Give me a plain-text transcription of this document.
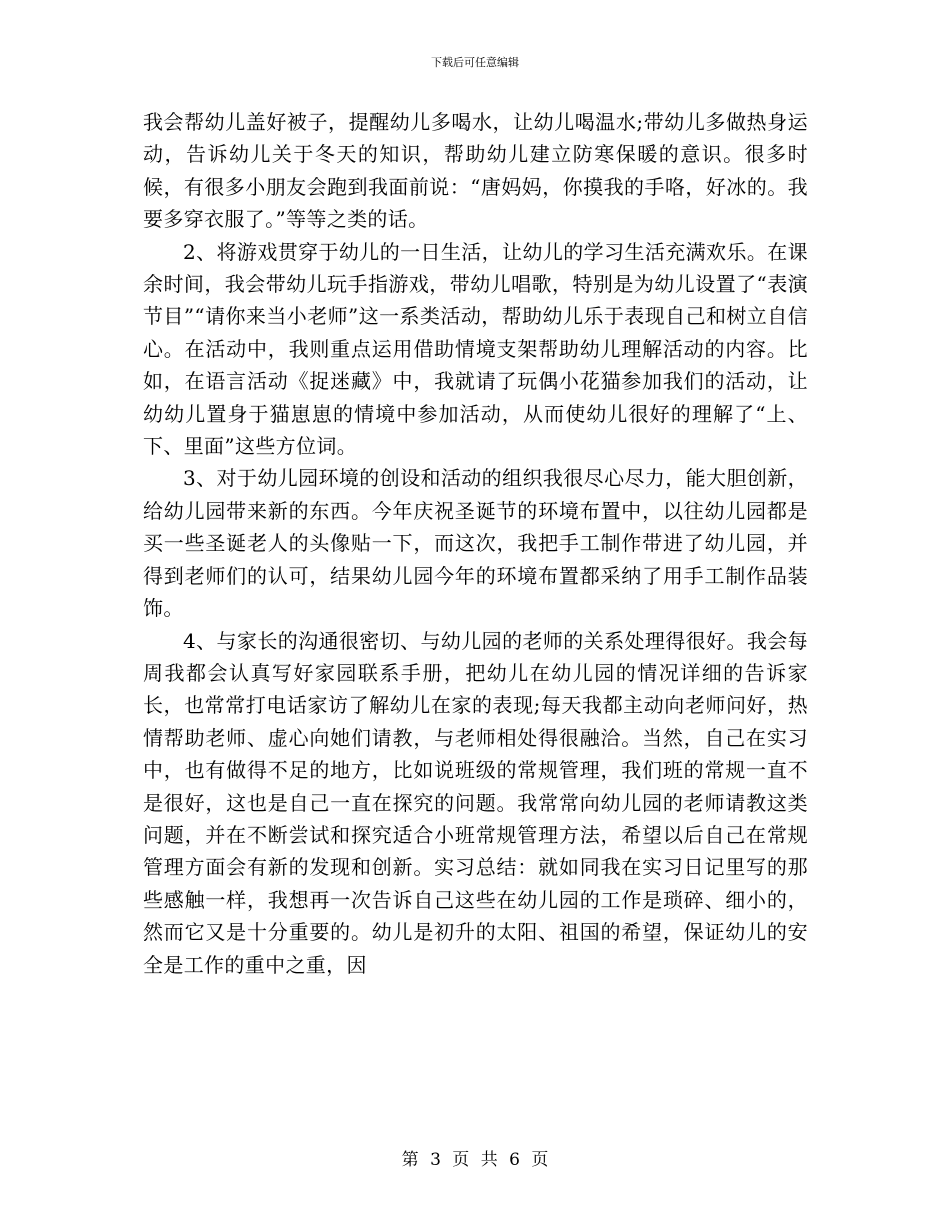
下载后可任意编辑

我会帮幼儿盖好被子，提醒幼儿多喝水，让幼儿喝温水;带幼儿多做热身运动，告诉幼儿关于冬天的知识，帮助幼儿建立防寒保暖的意识。很多时候，有很多小朋友会跑到我面前说：“唐妈妈，你摸我的手咯，好冰的。我要多穿衣服了。”等等之类的话。

2、将游戏贯穿于幼儿的一日生活，让幼儿的学习生活充满欢乐。在课余时间，我会带幼儿玩手指游戏，带幼儿唱歌，特别是为幼儿设置了“表演节目”“请你来当小老师”这一系类活动，帮助幼儿乐于表现自己和树立自信心。在活动中，我则重点运用借助情境支架帮助幼儿理解活动的内容。比如，在语言活动《捉迷藏》中，我就请了玩偶小花猫参加我们的活动，让幼幼儿置身于猫崽崽的情境中参加活动，从而使幼儿很好的理解了“上、下、里面”这些方位词。

3、对于幼儿园环境的创设和活动的组织我很尽心尽力，能大胆创新，给幼儿园带来新的东西。今年庆祝圣诞节的环境布置中，以往幼儿园都是买一些圣诞老人的头像贴一下，而这次，我把手工制作带进了幼儿园，并得到老师们的认可，结果幼儿园今年的环境布置都采纳了用手工制作品装饰。

4、与家长的沟通很密切、与幼儿园的老师的关系处理得很好。我会每周我都会认真写好家园联系手册，把幼儿在幼儿园的情况详细的告诉家长，也常常打电话家访了解幼儿在家的表现;每天我都主动向老师问好，热情帮助老师、虚心向她们请教，与老师相处得很融洽。当然，自己在实习中，也有做得不足的地方，比如说班级的常规管理，我们班的常规一直不是很好，这也是自己一直在探究的问题。我常常向幼儿园的老师请教这类问题，并在不断尝试和探究适合小班常规管理方法，希望以后自己在常规管理方面会有新的发现和创新。实习总结：就如同我在实习日记里写的那些感触一样，我想再一次告诉自己这些在幼儿园的工作是琐碎、细小的，然而它又是十分重要的。幼儿是初升的太阳、祖国的希望，保证幼儿的安全是工作的重中之重，因

第 3 页 共 6 页
